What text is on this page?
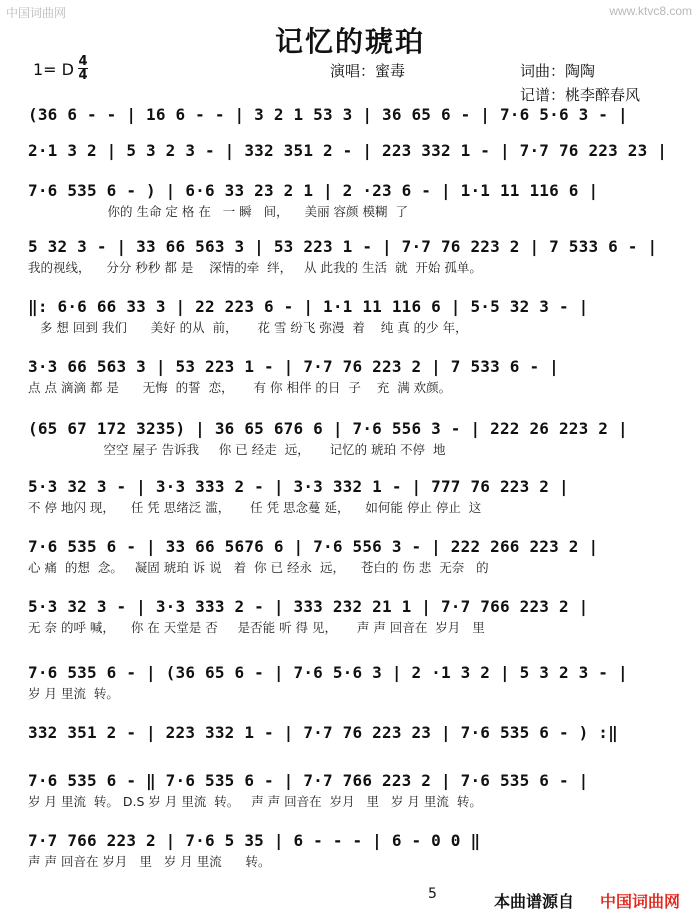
中国词曲网	www.ktvc8.com
记忆的琥珀
1= D 4
4	演唱：蜜毒	词曲：陶陶
记谱：桃李醉春风
(36 6 - - | 16 6 - - | 3 2 1 53 3 | 36 65 6 - | 7·6 5·6 3 - |
2·1 3 2 | 5 3 2 3 - | 332 351 2 - | 223 332 1 - | 7·7 76 223 23 |
7·6 535 6 - ) | 6·6 33 23 2 1 | 2 ·23 6 - | 1·1 11 116 6 |
你的 生命 定 格 在   一 瞬   间，    美丽 容颜 模糊  了
5 32 3 - | 33 66 563 3 | 53 223 1 - | 7·7 76 223 2 | 7 533 6 - |
我的视线，    分分 秒秒 都 是    深情的牵  绊，   从 此我的 生活  就  开始 孤单。
‖: 6·6 66 33 3 | 22 223 6 - | 1·1 11 116 6 | 5·5 32 3 - |
多 想 回到 我们      美好 的从  前，     花 雪 纷飞 弥漫  着    纯 真 的少 年，
3·3 66 563 3 | 53 223 1 - | 7·7 76 223 2 | 7 533 6 - |
点 点 滴滴 都 是      无悔  的誓  恋，     有 你 相伴 的日  子    充  满 欢颜。
(65 67 172 3235) | 36 65 676 6 | 7·6 556 3 - | 222 26 223 2 |
空空 屋子 告诉我     你 已 经走  远，     记忆的 琥珀 不停  地
5·3 32 3 - | 3·3 333 2 - | 3·3 332 1 - | 777 76 223 2 |
不 停 地闪 现，    任 凭 思绪泛 滥，     任 凭 思念蔓 延，    如何能 停止 停止  这
7·6 535 6 - | 33 66 5676 6 | 7·6 556 3 - | 222 266 223 2 |
心 痛  的想  念。   凝固 琥珀 诉 说   着  你 已 经永  远，    苍白的 伤 悲  无奈   的
5·3 32 3 - | 3·3 333 2 - | 333 232 21 1 | 7·7 766 223 2 |
无 奈 的呼 喊，    你 在 天堂是 否     是否能 听 得 见，     声 声 回音在  岁月   里
7·6 535 6 - | (36 65 6 - | 7·6 5·6 3 | 2 ·1 3 2 | 5 3 2 3 - |
岁 月 里流  转。
332 351 2 - | 223 332 1 - | 7·7 76 223 23 | 7·6 535 6 - ) :‖
7·6 535 6 - ‖ 7·6 535 6 - | 7·7 766 223 2 | 7·6 535 6 - |
岁 月 里流  转。 D.S 岁 月 里流  转。   声 声 回音在  岁月   里   岁 月 里流  转。
7·7 766 223 2 | 7·6 5 35 | 6 - - - | 6 - 0 0 ‖
声 声 回音在 岁月   里   岁 月 里流      转。
5	本曲谱源自 中国词曲网
